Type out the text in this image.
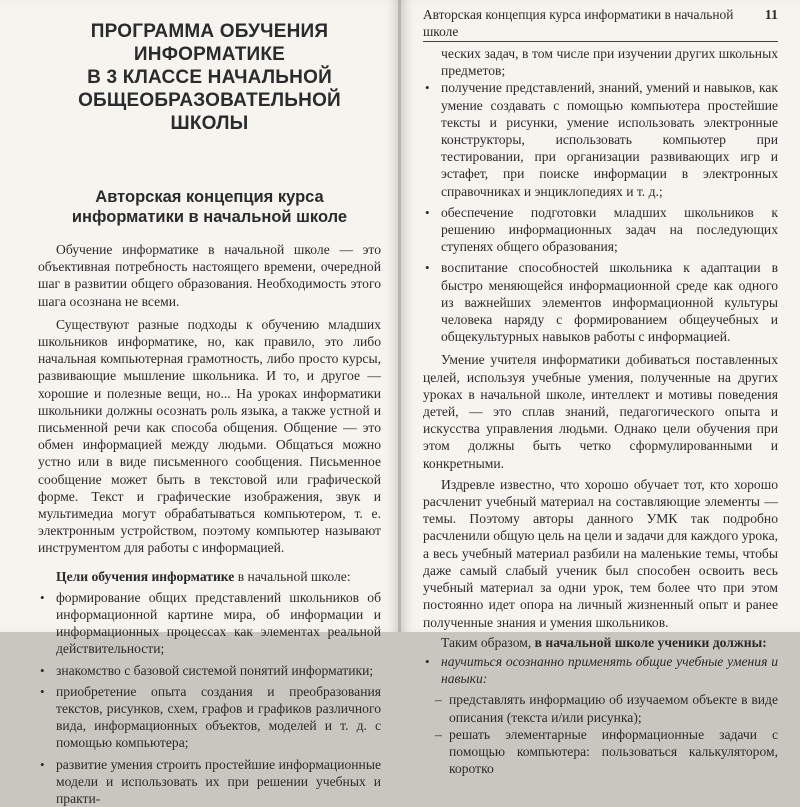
ПРОГРАММА ОБУЧЕНИЯ ИНФОРМАТИКЕ
В 3 КЛАССЕ НАЧАЛЬНОЙ
ОБЩЕОБРАЗОВАТЕЛЬНОЙ ШКОЛЫ
Авторская концепция курса
информатики в начальной школе

Обучение информатике в начальной школе — это объективная потребность настоящего времени, очередной шаг в развитии общего образования. Необходимость этого шага осознана не всеми.

Существуют разные подходы к обучению младших школьников информатике, но, как правило, это либо начальная компьютерная грамотность, либо просто курсы, развивающие мышление школьника. И то, и другое — хорошие и полезные вещи, но... На уроках информатики школьники должны осознать роль языка, а также устной и письменной речи как способа общения. Общение — это обмен информацией между людьми. Общаться можно устно или в виде письменного сообщения. Письменное сообщение может быть в текстовой или графической форме. Текст и графические изображения, звук и мультимедиа могут обрабатываться компьютером, т. е. электронным устройством, поэтому компьютер называют инструментом для работы с информацией.

Цели обучения информатике в начальной школе:
• формирование общих представлений школьников об информационной картине мира, об информации и информационных процессах как элементах реальной действительности;
• знакомство с базовой системой понятий информатики;
• приобретение опыта создания и преобразования текстов, рисунков, схем, графов и графиков различного вида, информационных объектов, моделей и т. д. с помощью компьютера;
• развитие умения строить простейшие информационные модели и использовать их при решении учебных и практи-
Авторская концепция курса информатики в начальной школе
11
ческих задач, в том числе при изучении других школьных предметов;
• получение представлений, знаний, умений и навыков, как умение создавать с помощью компьютера простейшие тексты и рисунки, умение использовать электронные конструкторы, использовать компьютер при тестировании, при организации развивающих игр и эстафет, при поиске информации в электронных справочниках и энциклопедиях и т. д.;
• обеспечение подготовки младших школьников к решению информационных задач на последующих ступенях общего образования;
• воспитание способностей школьника к адаптации в быстро меняющейся информационной среде как одного из важнейших элементов информационной культуры человека наряду с формированием общеучебных и общекультурных навыков работы с информацией.

Умение учителя информатики добиваться поставленных целей, используя учебные умения, полученные на других уроках в начальной школе, интеллект и мотивы поведения детей, — это сплав знаний, педагогического опыта и искусства управления людьми. Однако цели обучения при этом должны быть четко сформулированными и конкретными.

Издревле известно, что хорошо обучает тот, кто хорошо расчленит учебный материал на составляющие элементы — темы. Поэтому авторы данного УМК так подробно расчленили общую цель на цели и задачи для каждого урока, а весь учебный материал разбили на маленькие темы, чтобы даже самый слабый ученик был способен освоить весь учебный материал за одни урок, тем более что при этом постоянно идет опора на личный жизненный опыт и ранее полученные знания и умения школьников.

Таким образом, в начальной школе ученики должны:

• научиться осознанно применять общие учебные умения и навыки:
– представлять информацию об изучаемом объекте в виде описания (текста и/или рисунка);
– решать элементарные информационные задачи с помощью компьютера: пользоваться калькулятором, коротко
